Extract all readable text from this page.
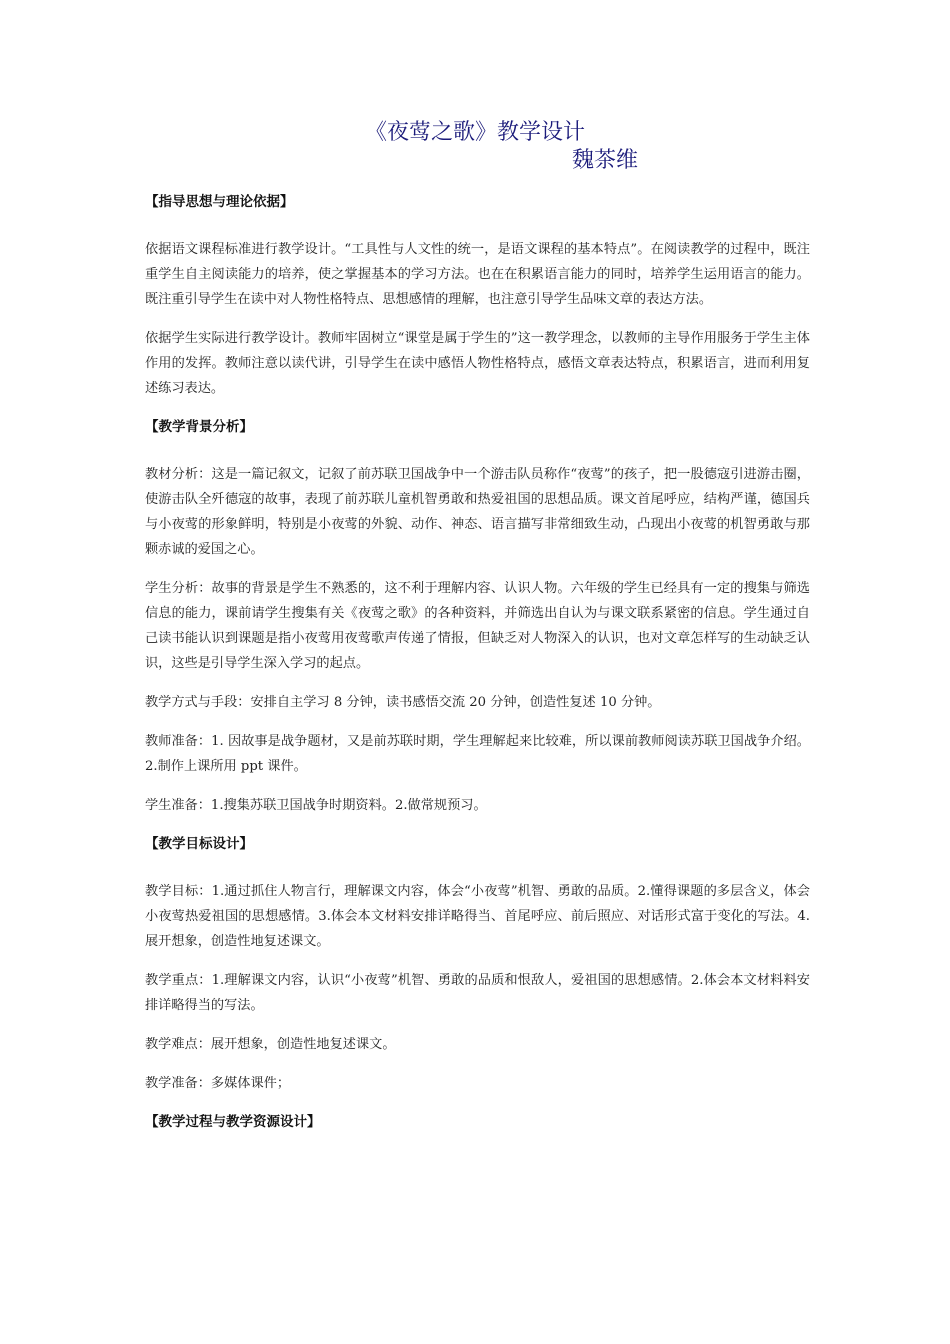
《夜莺之歌》教学设计
魏茶维
【指导思想与理论依据】

依据语文课程标准进行教学设计。“工具性与人文性的统一，是语文课程的基本特点”。在阅读教学的过程中，既注重学生自主阅读能力的培养，使之掌握基本的学习方法。也在在积累语言能力的同时，培养学生运用语言的能力。既注重引导学生在读中对人物性格特点、思想感情的理解，也注意引导学生品味文章的表达方法。

依据学生实际进行教学设计。教师牢固树立“课堂是属于学生的”这一教学理念，以教师的主导作用服务于学生主体作用的发挥。教师注意以读代讲，引导学生在读中感悟人物性格特点，感悟文章表达特点，积累语言，进而利用复述练习表达。

【教学背景分析】

教材分析：这是一篇记叙文，记叙了前苏联卫国战争中一个游击队员称作“夜莺”的孩子，把一股德寇引进游击圈，使游击队全歼德寇的故事，表现了前苏联儿童机智勇敢和热爱祖国的思想品质。课文首尾呼应，结构严谨，德国兵与小夜莺的形象鲜明，特别是小夜莺的外貌、动作、神态、语言描写非常细致生动，凸现出小夜莺的机智勇敢与那颗赤诚的爱国之心。

学生分析：故事的背景是学生不熟悉的，这不利于理解内容、认识人物。六年级的学生已经具有一定的搜集与筛选信息的能力，课前请学生搜集有关《夜莺之歌》的各种资料，并筛选出自认为与课文联系紧密的信息。学生通过自己读书能认识到课题是指小夜莺用夜莺歌声传递了情报，但缺乏对人物深入的认识，也对文章怎样写的生动缺乏认识，这些是引导学生深入学习的起点。

教学方式与手段：安排自主学习 8 分钟，读书感悟交流 20 分钟，创造性复述 10 分钟。

教师准备：1. 因故事是战争题材，又是前苏联时期，学生理解起来比较难，所以课前教师阅读苏联卫国战争介绍。2.制作上课所用 ppt 课件。

学生准备：1.搜集苏联卫国战争时期资料。2.做常规预习。

【教学目标设计】

教学目标：1.通过抓住人物言行，理解课文内容，体会“小夜莺”机智、勇敢的品质。2.懂得课题的多层含义，体会小夜莺热爱祖国的思想感情。3.体会本文材料安排详略得当、首尾呼应、前后照应、对话形式富于变化的写法。4.展开想象，创造性地复述课文。

教学重点：1.理解课文内容，认识“小夜莺”机智、勇敢的品质和恨敌人，爱祖国的思想感情。2.体会本文材料料安排详略得当的写法。

教学难点：展开想象，创造性地复述课文。

教学准备：多媒体课件；

【教学过程与教学资源设计】
